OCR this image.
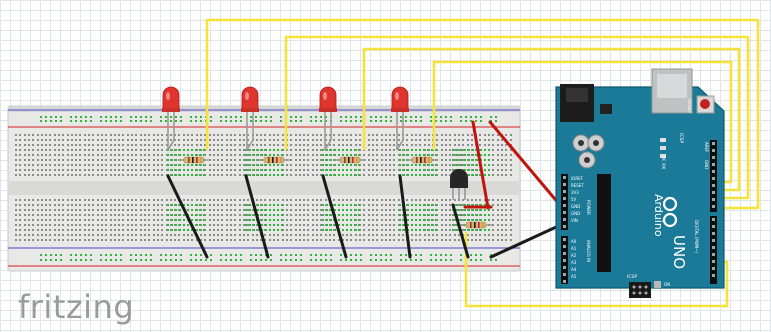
Arduino
UNO
RESET
ICSP
ICSP
POWER
ANALOG IN	DIGITAL (PWM~)
AREF
GND
TX
RX
L
ON
IOREF
RESET
3V3
5V
GND
GND
VIN
A0
A1
A2
A3
A4
A5
fritzing
